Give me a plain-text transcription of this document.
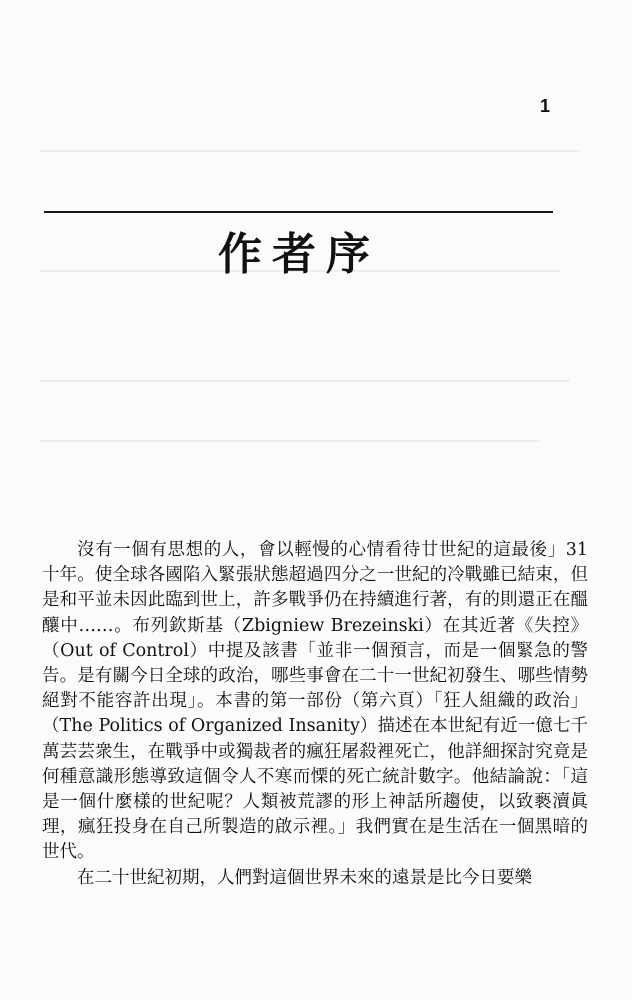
1
作者序

沒有一個有思想的人，會以輕慢的心情看待廿世紀的這最後」31十年。使全球各國陷入緊張狀態超過四分之一世紀的冷戰雖已結束，但是和平並未因此臨到世上，許多戰爭仍在持續進行著，有的則還正在醞釀中……。布列欽斯基（Zbigniew Brezeinski）在其近著《失控》（Out of Control）中提及該書「並非一個預言，而是一個緊急的警告。是有關今日全球的政治，哪些事會在二十一世紀初發生、哪些情勢絕對不能容許出現」。本書的第一部份（第六頁）「狂人組織的政治」（The Politics of Organized Insanity）描述在本世紀有近一億七千萬芸芸衆生，在戰爭中或獨裁者的瘋狂屠殺裡死亡，他詳細探討究竟是何種意識形態導致這個令人不寒而慄的死亡統計數字。他結論說：「這是一個什麼樣的世紀呢？人類被荒謬的形上神話所趨使，以致褻瀆眞理，瘋狂投身在自己所製造的啟示裡。」我們實在是生活在一個黑暗的世代。

在二十世紀初期，人們對這個世界未來的遠景是比今日要樂
